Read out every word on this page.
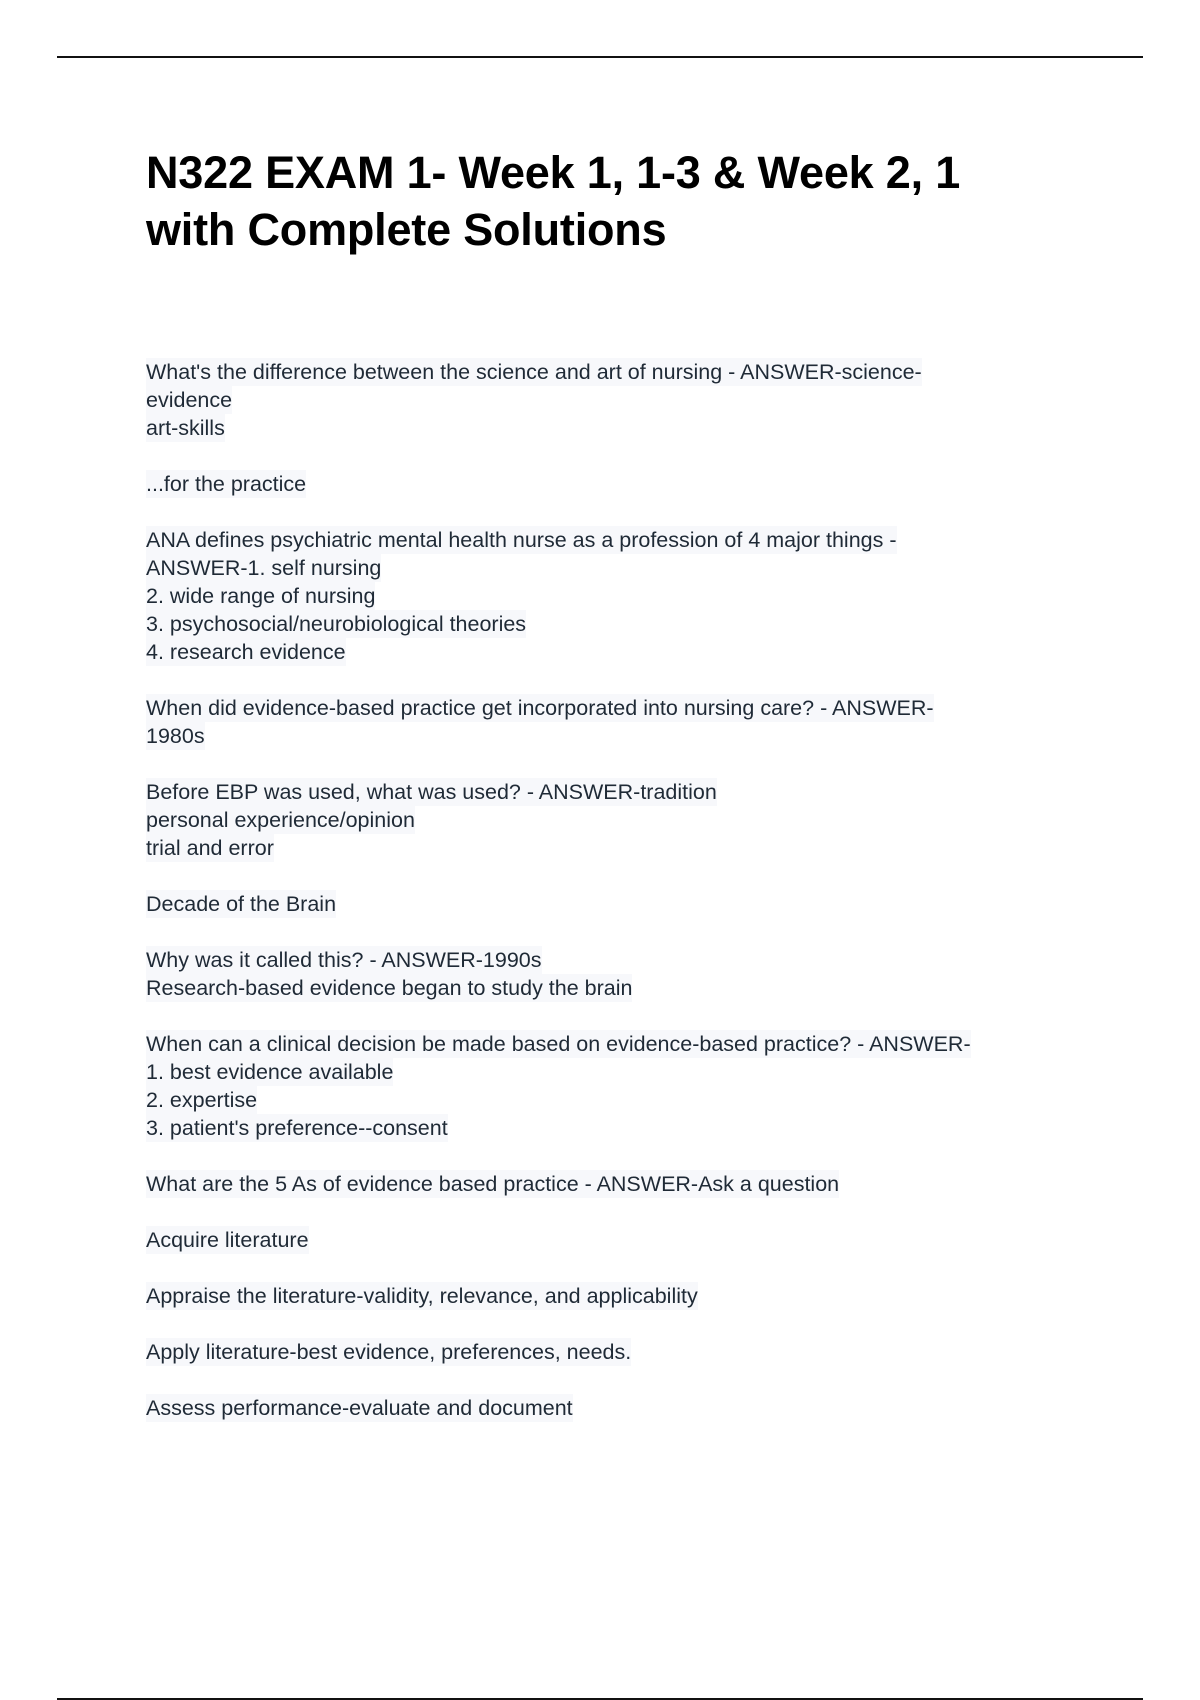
N322 EXAM 1- Week 1, 1-3 & Week 2, 1
with Complete Solutions
What's the difference between the science and art of nursing - ANSWER-science-
evidence
art-skills
...for the practice
ANA defines psychiatric mental health nurse as a profession of 4 major things -
ANSWER-1. self nursing
2. wide range of nursing
3. psychosocial/neurobiological theories
4. research evidence
When did evidence-based practice get incorporated into nursing care? - ANSWER-
1980s
Before EBP was used, what was used? - ANSWER-tradition
personal experience/opinion
trial and error
Decade of the Brain
Why was it called this? - ANSWER-1990s
Research-based evidence began to study the brain
When can a clinical decision be made based on evidence-based practice? - ANSWER-
1. best evidence available
2. expertise
3. patient's preference--consent
What are the 5 As of evidence based practice - ANSWER-Ask a question
Acquire literature
Appraise the literature-validity, relevance, and applicability
Apply literature-best evidence, preferences, needs.
Assess performance-evaluate and document
